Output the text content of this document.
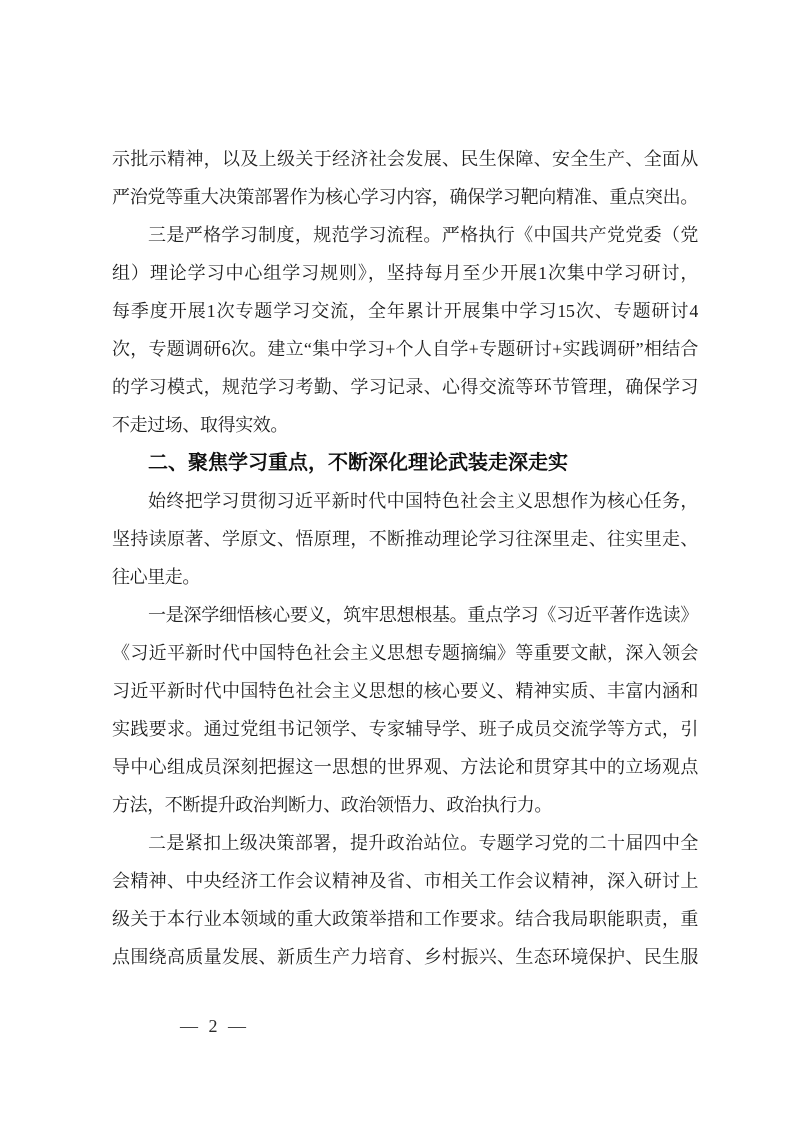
示批示精神，以及上级关于经济社会发展、民生保障、安全生产、全面从
严治党等重大决策部署作为核心学习内容，确保学习靶向精准、重点突出。
三是严格学习制度，规范学习流程。严格执行《中国共产党党委（党
组）理论学习中心组学习规则》，坚持每月至少开展1次集中学习研讨，
每季度开展1次专题学习交流，全年累计开展集中学习15次、专题研讨4
次，专题调研6次。建立“集中学习+个人自学+专题研讨+实践调研”相结合
的学习模式，规范学习考勤、学习记录、心得交流等环节管理，确保学习
不走过场、取得实效。
二、聚焦学习重点，不断深化理论武装走深走实
始终把学习贯彻习近平新时代中国特色社会主义思想作为核心任务，
坚持读原著、学原文、悟原理，不断推动理论学习往深里走、往实里走、
往心里走。
一是深学细悟核心要义，筑牢思想根基。重点学习《习近平著作选读》
《习近平新时代中国特色社会主义思想专题摘编》等重要文献，深入领会
习近平新时代中国特色社会主义思想的核心要义、精神实质、丰富内涵和
实践要求。通过党组书记领学、专家辅导学、班子成员交流学等方式，引
导中心组成员深刻把握这一思想的世界观、方法论和贯穿其中的立场观点
方法，不断提升政治判断力、政治领悟力、政治执行力。
二是紧扣上级决策部署，提升政治站位。专题学习党的二十届四中全
会精神、中央经济工作会议精神及省、市相关工作会议精神，深入研讨上
级关于本行业本领域的重大政策举措和工作要求。结合我局职能职责，重
点围绕高质量发展、新质生产力培育、乡村振兴、生态环境保护、民生服
— 2 —
